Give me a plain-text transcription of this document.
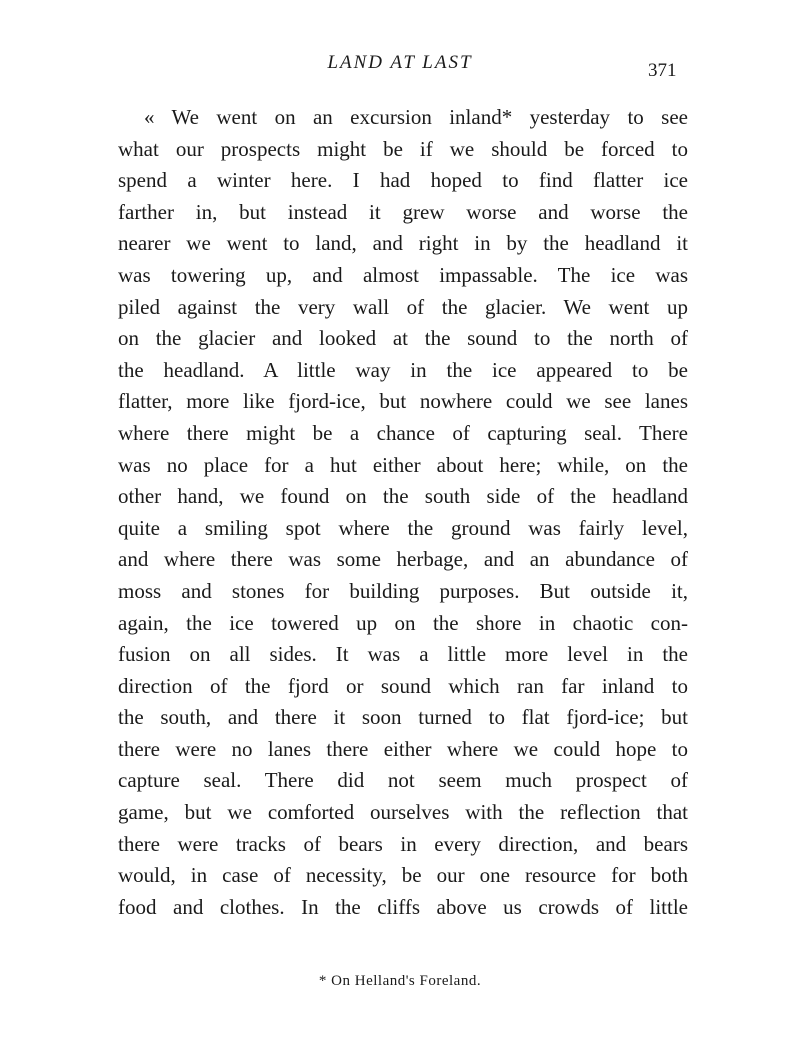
LAND AT LAST	371
« We went on an excursion inland* yesterday to see
what our prospects might be if we should be forced to
spend a winter here. I had hoped to find flatter ice
farther in, but instead it grew worse and worse the
nearer we went to land, and right in by the headland it
was towering up, and almost impassable. The ice was
piled against the very wall of the glacier. We went up
on the glacier and looked at the sound to the north of
the headland. A little way in the ice appeared to be
flatter, more like fjord-ice, but nowhere could we see lanes
where there might be a chance of capturing seal. There
was no place for a hut either about here; while, on the
other hand, we found on the south side of the headland
quite a smiling spot where the ground was fairly level,
and where there was some herbage, and an abundance of
moss and stones for building purposes. But outside it,
again, the ice towered up on the shore in chaotic con-
fusion on all sides. It was a little more level in the
direction of the fjord or sound which ran far inland to
the south, and there it soon turned to flat fjord-ice; but
there were no lanes there either where we could hope to
capture seal. There did not seem much prospect of
game, but we comforted ourselves with the reflection that
there were tracks of bears in every direction, and bears
would, in case of necessity, be our one resource for both
food and clothes. In the cliffs above us crowds of little
* On Helland's Foreland.
